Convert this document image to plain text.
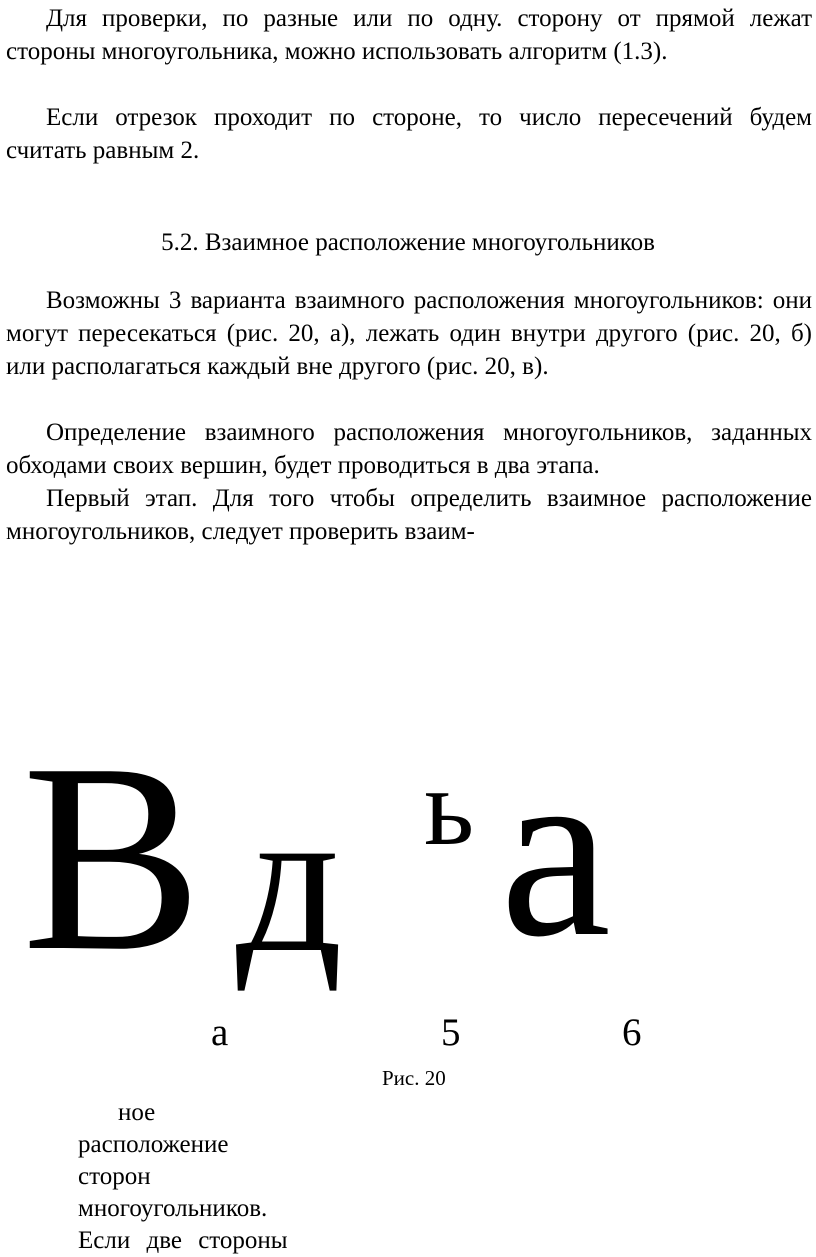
Для проверки, по разные или по одну. сторону от прямой лежат стороны многоугольника, можно использовать алгоритм (1.3).

Если отрезок проходит по стороне, то число пересечений будем считать равным 2.

5.2. Взаимное расположение многоугольников

Возможны 3 варианта взаимного расположения многоугольников: они могут пересекаться (рис. 20, а), лежать один внутри другого (рис. 20, б) или располагаться каждый вне другого (рис. 20, в).

Определение взаимного расположения многоугольников, заданных обходами своих вершин, будет проводиться в два этапа.

Первый этап. Для того чтобы определить взаимное расположение многоугольников, следует проверить взаим-

В д ь а
а	5	6
Рис. 20
ное
расположение
сторон
многоугольников.
Если две стороны
